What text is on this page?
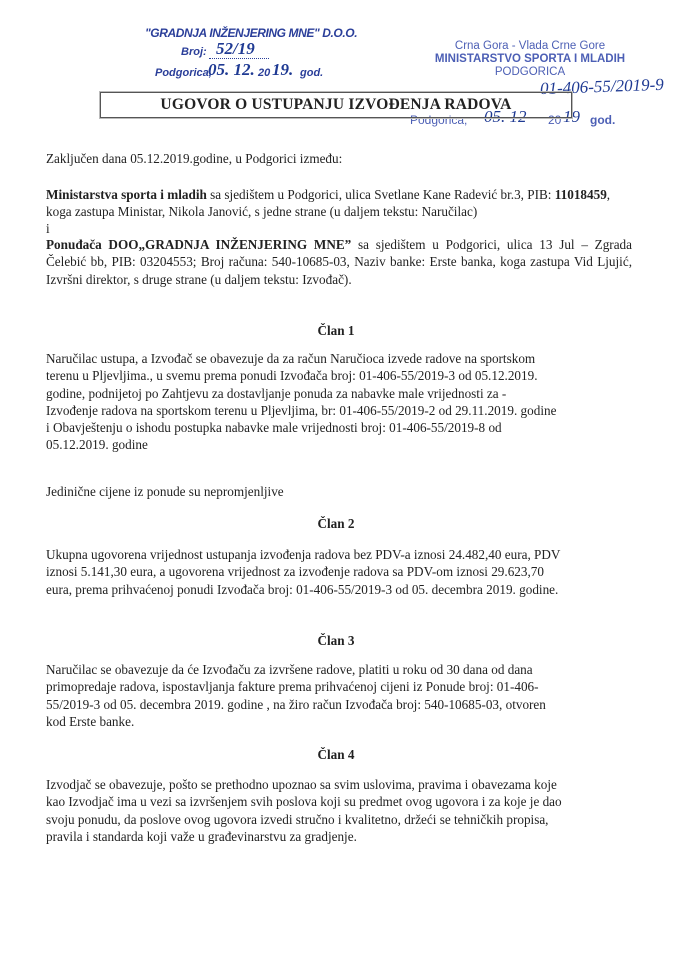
"GRADNJA INŽENJERING MNE" D.O.O.
Broj: 52/19
Podgorica,
05. 12. 20 19. god.
Crna Gora - Vlada Crne Gore
MINISTARSTVO SPORTA I MLADIH
PODGORICA
01-406-55/2019-9
Podgorica, 05. 12 20 19 god.
UGOVOR O USTUPANJU IZVOĐENJA RADOVA
Zaključen dana 05.12.2019.godine, u Podgorici između:
Ministarstva sporta i mladih sa sjedištem u Podgorici, ulica Svetlane Kane Radević br.3, PIB: 11018459, koga zastupa Ministar, Nikola Janović, s jedne strane (u daljem tekstu: Naručilac)
i
Ponuđača DOO„GRADNJA INŽENJERING MNE” sa sjedištem u Podgorici, ulica 13 Jul – Zgrada Čelebić bb, PIB: 03204553; Broj računa: 540-10685-03, Naziv banke: Erste banka, koga zastupa Vid Ljujić, Izvršni direktor, s druge strane (u daljem tekstu: Izvođač).
Član 1
Naručilac ustupa, a Izvođač se obavezuje da za račun Naručioca izvede radove na sportskom
terenu u Pljevljima., u svemu prema ponudi Izvođača broj: 01-406-55/2019-3 od 05.12.2019.
godine, podnijetoj po Zahtjevu za dostavljanje ponuda za nabavke male vrijednosti za -
Izvođenje radova na sportskom terenu u Pljevljima, br: 01-406-55/2019-2 od 29.11.2019. godine
i Obavještenju o ishodu postupka nabavke male vrijednosti broj: 01-406-55/2019-8 od
05.12.2019. godine
Jedinične cijene iz ponude su nepromjenljive
Član 2
Ukupna ugovorena vrijednost ustupanja izvođenja radova bez PDV-a iznosi 24.482,40 eura, PDV
iznosi 5.141,30 eura, a ugovorena vrijednost za izvođenje radova sa PDV-om iznosi 29.623,70
eura, prema prihvaćenoj ponudi Izvođača broj: 01-406-55/2019-3 od 05. decembra 2019. godine.
Član 3
Naručilac se obavezuje da će Izvođaču za izvršene radove, platiti u roku od 30 dana od dana
primopredaje radova, ispostavljanja fakture prema prihvaćenoj cijeni iz Ponude broj: 01-406-
55/2019-3 od 05. decembra 2019. godine , na žiro račun Izvođača broj: 540-10685-03, otvoren
kod Erste banke.
Član 4
Izvodjač se obavezuje, pošto se prethodno upoznao sa svim uslovima, pravima i obavezama koje
kao Izvodjač ima u vezi sa izvršenjem svih poslova koji su predmet ovog ugovora i za koje je dao
svoju ponudu, da poslove ovog ugovora izvedi stručno i kvalitetno, držeći se tehničkih propisa,
pravila i standarda koji važe u građevinarstvu za gradjenje.
